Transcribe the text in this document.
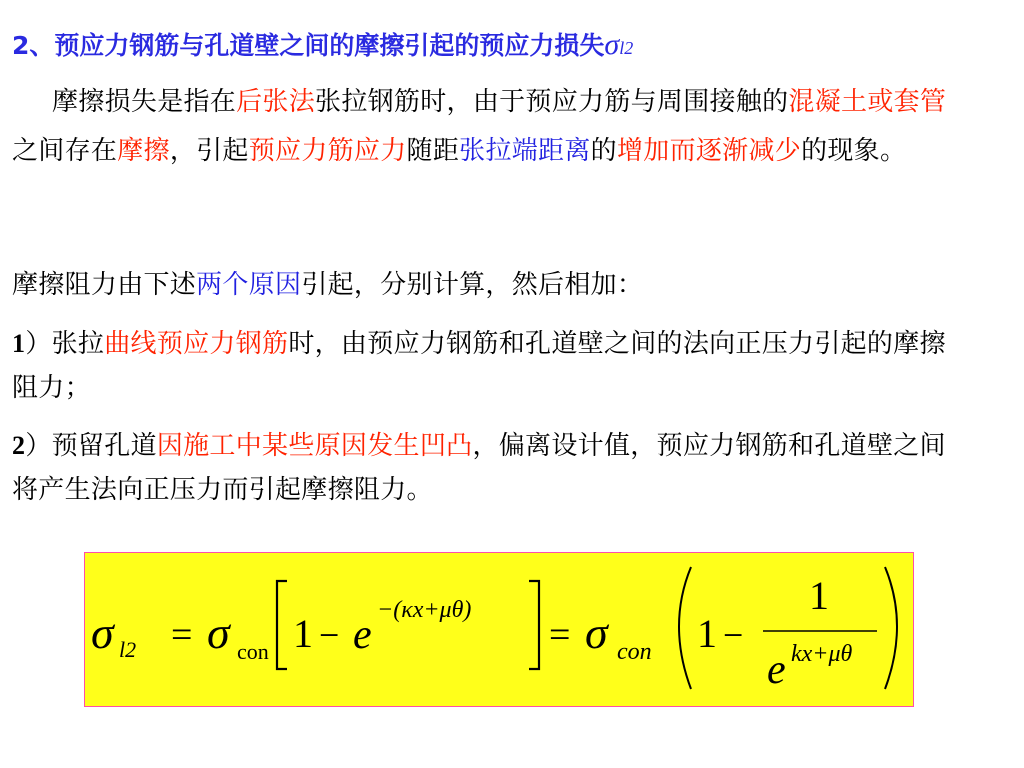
2、预应力钢筋与孔道壁之间的摩擦引起的预应力损失σl2
摩擦损失是指在后张法张拉钢筋时，由于预应力筋与周围接触的混凝土或套管之间存在摩擦，引起预应力筋应力随距张拉端距离的增加而逐渐减少的现象。
摩擦阻力由下述两个原因引起，分别计算，然后相加：
1）张拉曲线预应力钢筋时，由预应力钢筋和孔道壁之间的法向正压力引起的摩擦阻力；
2）预留孔道因施工中某些原因发生凹凸，偏离设计值，预应力钢筋和孔道壁之间将产生法向正压力而引起摩擦阻力。
σ l2 = σ con 1 − e
−(κx+μθ)
= σ con 1 −
1
e kx+μθ
